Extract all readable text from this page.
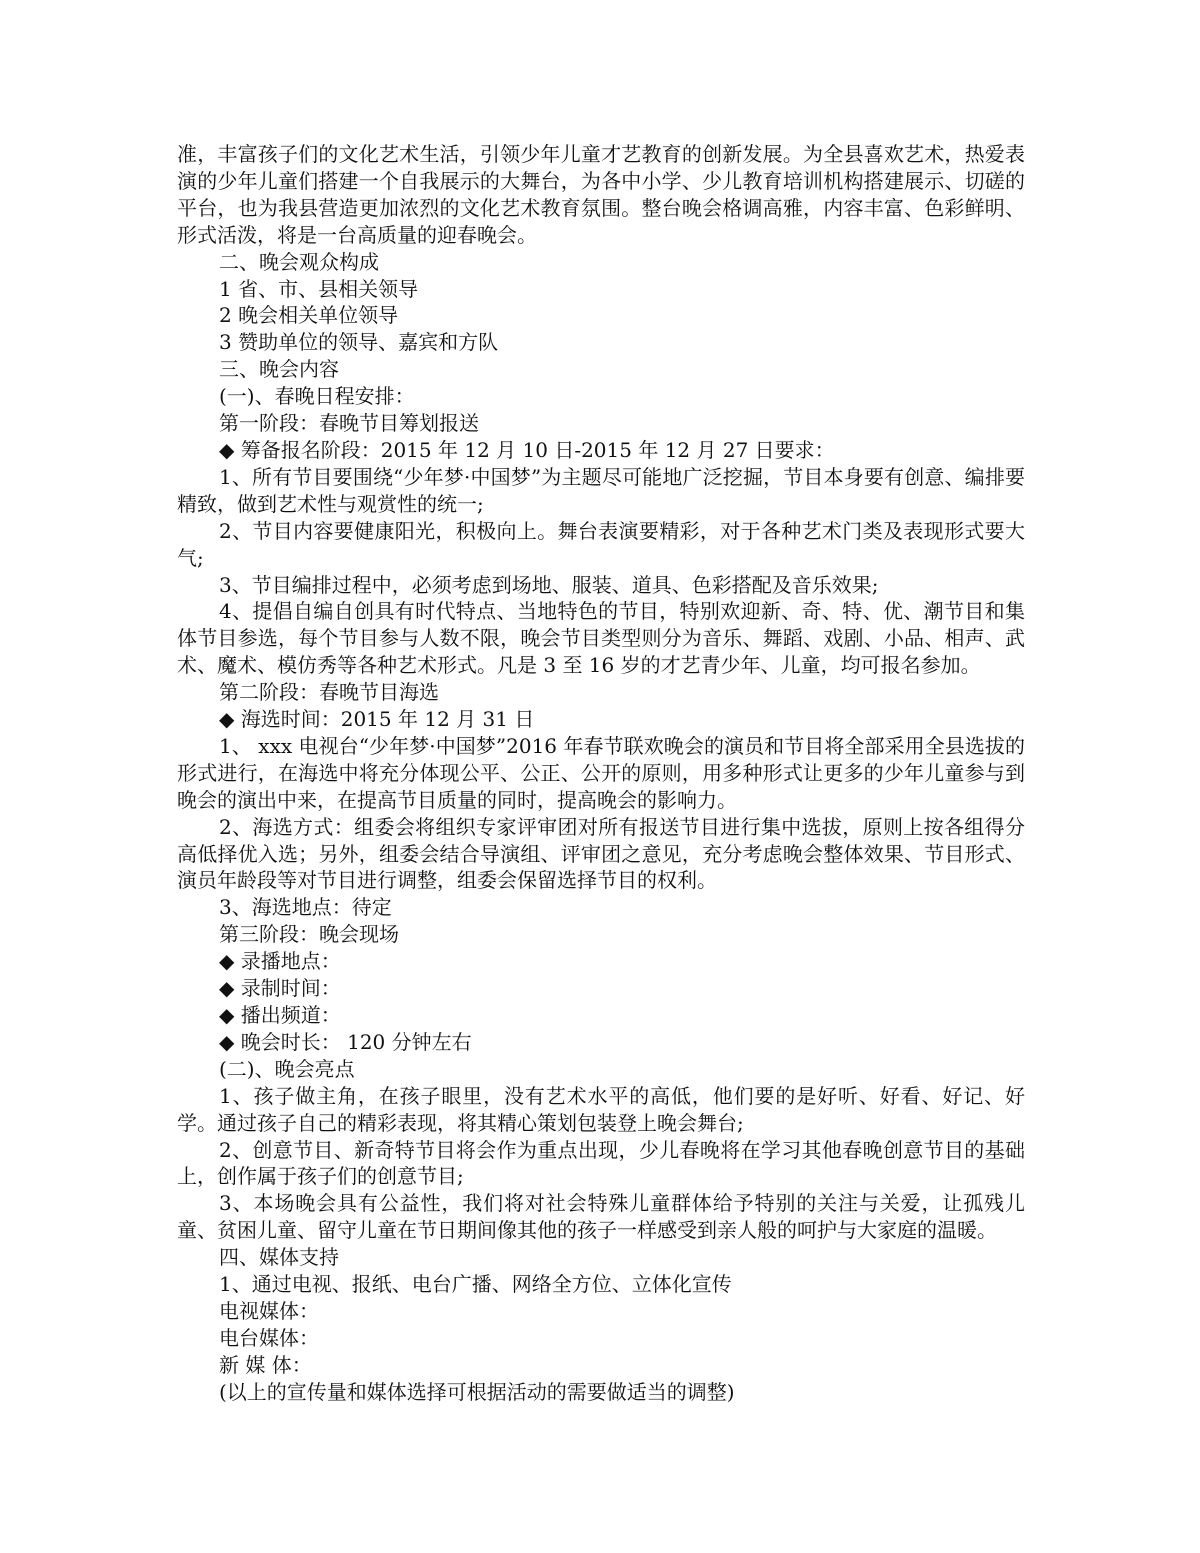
准，丰富孩子们的文化艺术生活，引领少年儿童才艺教育的创新发展。为全县喜欢艺术，热爱表演的少年儿童们搭建一个自我展示的大舞台，为各中小学、少儿教育培训机构搭建展示、切磋的平台，也为我县营造更加浓烈的文化艺术教育氛围。整台晚会格调高雅，内容丰富、色彩鲜明、形式活泼，将是一台高质量的迎春晚会。

二、晚会观众构成

1 省、市、县相关领导

2 晚会相关单位领导

3 赞助单位的领导、嘉宾和方队

三、晚会内容

(一)、春晚日程安排：

第一阶段：春晚节目筹划报送

◆ 筹备报名阶段：2015 年 12 月 10 日-2015 年 12 月 27 日要求：

1、所有节目要围绕“少年梦·中国梦”为主题尽可能地广泛挖掘，节目本身要有创意、编排要精致，做到艺术性与观赏性的统一;

2、节目内容要健康阳光，积极向上。舞台表演要精彩，对于各种艺术门类及表现形式要大气;

3、节目编排过程中，必须考虑到场地、服装、道具、色彩搭配及音乐效果;

4、提倡自编自创具有时代特点、当地特色的节目，特别欢迎新、奇、特、优、潮节目和集体节目参选，每个节目参与人数不限，晚会节目类型则分为音乐、舞蹈、戏剧、小品、相声、武术、魔术、模仿秀等各种艺术形式。凡是 3 至 16 岁的才艺青少年、儿童，均可报名参加。

第二阶段：春晚节目海选

◆ 海选时间：2015 年 12 月 31 日

1、 xxx 电视台“少年梦·中国梦”2016 年春节联欢晚会的演员和节目将全部采用全县选拔的形式进行，在海选中将充分体现公平、公正、公开的原则，用多种形式让更多的少年儿童参与到晚会的演出中来，在提高节目质量的同时，提高晚会的影响力。

2、海选方式：组委会将组织专家评审团对所有报送节目进行集中选拔，原则上按各组得分高低择优入选；另外，组委会结合导演组、评审团之意见，充分考虑晚会整体效果、节目形式、演员年龄段等对节目进行调整，组委会保留选择节目的权利。

3、海选地点：待定

第三阶段：晚会现场

◆ 录播地点：

◆ 录制时间：

◆ 播出频道：

◆ 晚会时长： 120 分钟左右

(二)、晚会亮点

1、孩子做主角，在孩子眼里，没有艺术水平的高低，他们要的是好听、好看、好记、好学。通过孩子自己的精彩表现，将其精心策划包装登上晚会舞台;

2、创意节目、新奇特节目将会作为重点出现，少儿春晚将在学习其他春晚创意节目的基础上，创作属于孩子们的创意节目;

3、本场晚会具有公益性，我们将对社会特殊儿童群体给予特别的关注与关爱，让孤残儿童、贫困儿童、留守儿童在节日期间像其他的孩子一样感受到亲人般的呵护与大家庭的温暖。

四、媒体支持

1、通过电视、报纸、电台广播、网络全方位、立体化宣传

电视媒体：

电台媒体：

新 媒 体：

(以上的宣传量和媒体选择可根据活动的需要做适当的调整)
